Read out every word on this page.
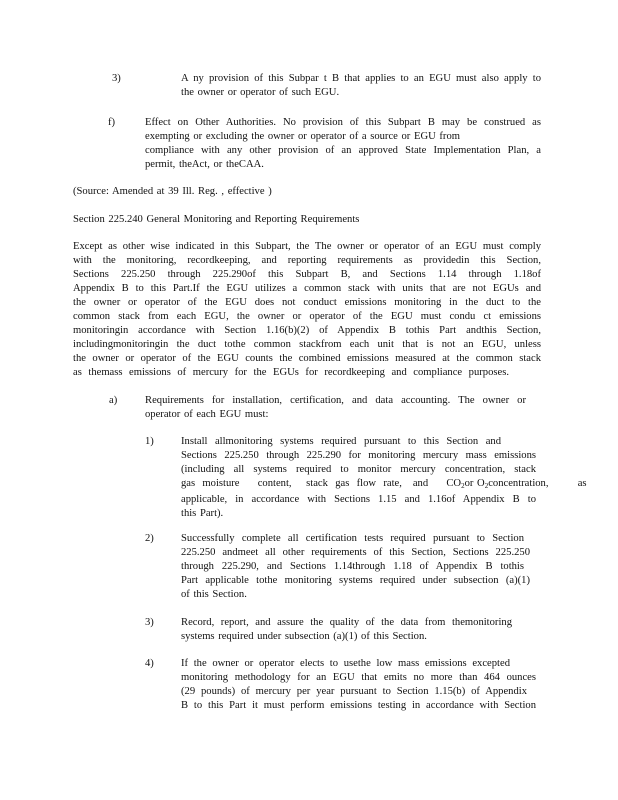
3)	A ny provision of this Subpar t B that applies to an EGU must also apply to
the owner or operator of such EGU.
f)	Effect on Other Authorities. No provision of this Subpart B may be construed as
exempting or excluding the owner or operator of a source or EGU from
compliance with any other provision of an approved State Implementation Plan, a
permit, theAct, or theCAA.
(Source: Amended at 39 Ill. Reg. , effective )
Section 225.240 General Monitoring and Reporting Requirements
Except as other wise indicated in this Subpart, the The owner or operator of an EGU must comply
with the monitoring, recordkeeping, and reporting requirements as providedin this Section,
Sections 225.250 through 225.290of this Subpart B, and Sections 1.14 through 1.18of
Appendix B to this Part.If the EGU utilizes a common stack with units that are not EGUs and
the owner or operator of the EGU does not conduct emissions monitoring in the duct to the
common stack from each EGU, the owner or operator of the EGU must condu ct emissions
monitoringin accordance with Section 1.16(b)(2) of Appendix B tothis Part andthis Section,
includingmonitoringin the duct tothe common stackfrom each unit that is not an EGU, unless
the owner or operator of the EGU counts the combined emissions measured at the common stack
as themass emissions of mercury for the EGUs for recordkeeping and compliance purposes.
a)	Requirements for installation, certification, and data accounting. The owner or
operator of each EGU must:
1)	Install allmonitoring systems required pursuant to this Section and
Sections 225.250 through 225.290 for monitoring mercury mass emissions
(including all systems required to monitor mercury concentration, stack
gas  moisture     content,    stack  gas  flow  rate,   and     $CO_2or$ $O_2concentration$,        as
applicable, in accordance with Sections 1.15 and 1.16of Appendix B to
this Part).
2)	Successfully complete all certification tests required pursuant to Section
225.250 andmeet all other requirements of this Section, Sections 225.250
through 225.290, and Sections 1.14through 1.18 of Appendix B tothis
Part applicable tothe monitoring systems required under subsection (a)(1)
of this Section.
3)	Record, report, and assure the quality of the data from themonitoring
systems required under subsection (a)(1) of this Section.
4)	If the owner or operator elects to usethe low mass emissions excepted
monitoring methodology for an EGU that emits no more than 464 ounces
(29 pounds) of mercury per year pursuant to Section 1.15(b) of Appendix
B to this Part it must perform emissions testing in accordance with Section
